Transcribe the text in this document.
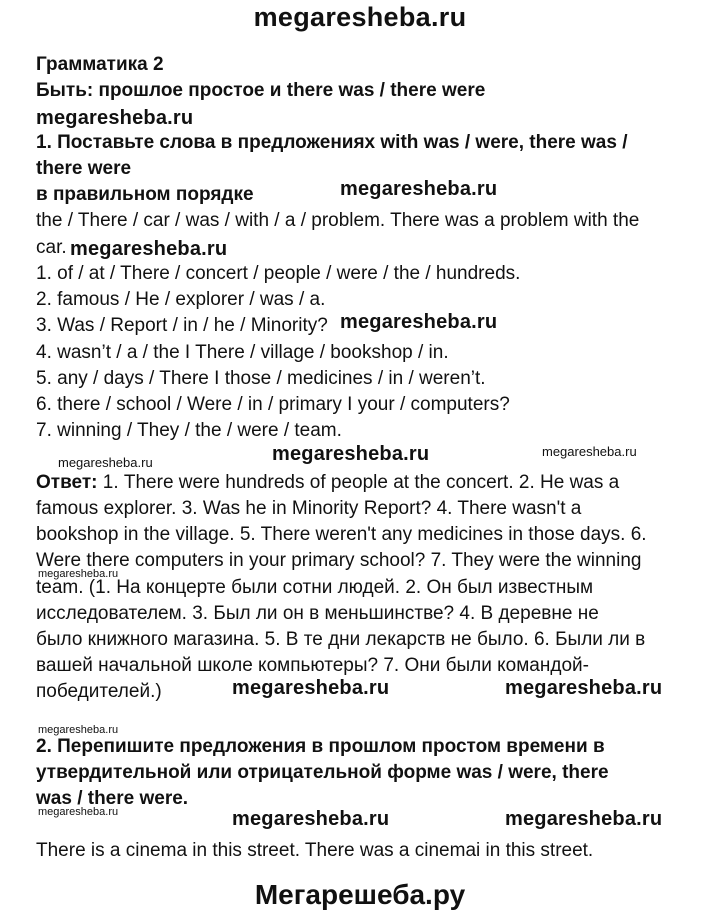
megaresheba.ru
Грамматика 2
Быть: прошлое простое и there was / there were
megaresheba.ru
1. Поставьте слова в предложениях with was / were, there was /
there were
в правильном порядке	megaresheba.ru
the / There / car / was / with / a / problem. There was a problem with the
car. megaresheba.ru
1. of / at / There / concert / people / were / the / hundreds.
2. famous / He / explorer / was / a.
3. Was / Report / in / he / Minority? megaresheba.ru
4. wasn’t / a / the I There / village / bookshop / in.
5. any / days / There I those / medicines / in / weren’t.
6. there / school / Were / in / primary I your / computers?
7. winning / They / the / were / team.
megaresheba.ru	megaresheba.ru
megaresheba.ru
Ответ: 1. There were hundreds of people at the concert. 2. He was a
famous explorer. 3. Was he in Minority Report? 4. There wasn't a
bookshop in the village. 5. There weren't any medicines in those days. 6.
Were there computers in your primary school? 7. They were the winning
megaresheba.ru
team. (1. На концерте были сотни людей. 2. Он был известным
исследователем. 3. Был ли он в меньшинстве? 4. В деревне не
было книжного магазина. 5. В те дни лекарств не было. 6. Были ли в
вашей начальной школе компьютеры? 7. Они были командой-
победителей.)	megaresheba.ru	megaresheba.ru
megaresheba.ru
2. Перепишите предложения в прошлом простом времени в
утвердительной или отрицательной форме was / were, there
was / there were.
megaresheba.ru	megaresheba.ru	megaresheba.ru
There is a cinema in this street. There was a cinemai in this street.
Мегарешеба.ру
